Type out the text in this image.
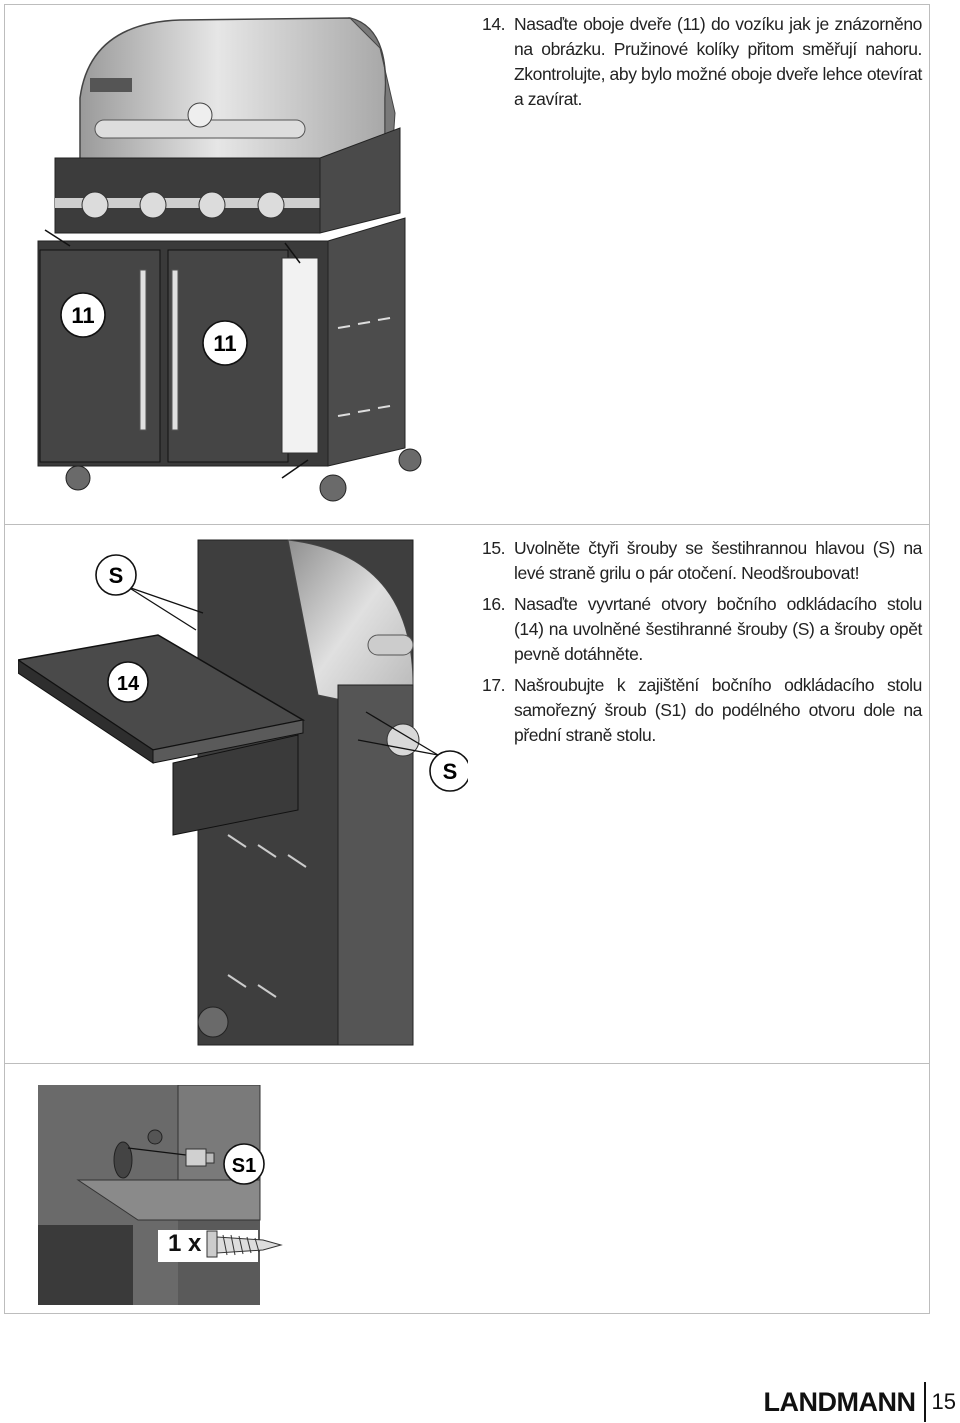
14. Nasaďte oboje dveře (11) do vozíku jak je znázorněno na obrázku. Pružinové kolíky přitom směřují nahoru. Zkontrolujte, aby bylo možné oboje dveře lehce otevírat a zavírat.

15. Uvolněte čtyři šrouby se šestihrannou hlavou (S) na levé straně grilu o pár otočení. Neodšroubovat!

16. Nasaďte vyvrtané otvory bočního odkládacího stolu (14) na uvolněné šestihranné šrouby (S) a šrouby opět pevně dotáhněte.

17. Našroubujte k zajištění bočního odkládacího stolu samořezný šroub (S1) do podélného otvoru dole na přední straně stolu.

11
11
S
14
S
S1
1 x
LANDMANN 15
